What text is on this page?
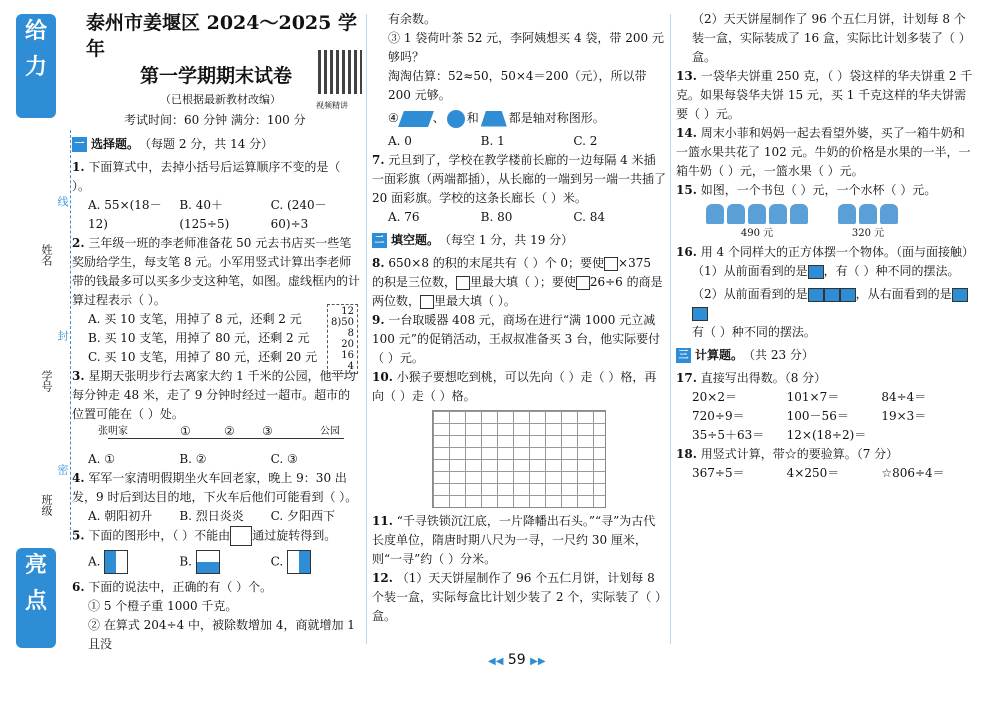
给力
亮点
线
姓名
封
学号
密
班级
泰州市姜堰区 2024～2025 学年
第一学期期末试卷
（已根据最新教材改编）
考试时间：60 分钟 满分：100 分
一 选择题。 （每题 2 分，共 14 分）
1. 下面算式中，去掉小括号后运算顺序不变的是（ ）。
A. 55×(18－12)
B. 40＋(125÷5)
C. (240－60)÷3
2. 三年级一班的李老师准备花 50 元去书店买一些笔奖励给学生，每支笔 8 元。小军用竖式计算出李老师带的钱最多可以买多少支这种笔，如图。虚线框内的计算过程表示（ ）。
A. 买 10 支笔，用掉了 8 元，还剩 2 元
B. 买 10 支笔，用掉了 80 元，还剩 2 元
C. 买 10 支笔，用掉了 80 元，还剩 20 元
12
8)50
8
20
16
4
3. 星期天张明步行去离家大约 1 千米的公园，他平均每分钟走 48 米，走了 9 分钟时经过一超市。超市的位置可能在（ ）处。
张明家	①	② ③	公园
A. ①	B. ②	C. ③
4. 军军一家清明假期坐火车回老家，晚上 9：30 出发，9 时后到达目的地，下火车后他们可能看到（ ）。
A. 朝阳初升	B. 烈日炎炎	C. 夕阳西下
5. 下面的图形中，（ ）不能由 通过旋转得到。
A.	B.	C.
6. 下面的说法中，正确的有（ ）个。
① 5 个橙子重 1000 千克。
② 在算式 204÷4 中，被除数增加 4，商就增加 1 且没
视频精讲
有余数。
③ 1 袋荷叶茶 52 元，李阿姨想买 4 袋，带 200 元够吗？
淘淘估算：52≈50，50×4＝200（元），所以带 200 元够。
④	、 和	都是轴对称图形。
A. 0	B. 1	C. 2
7. 元旦到了，学校在教学楼前长廊的一边每隔 4 米插一面彩旗（两端都插），从长廊的一端到另一端一共插了 20 面彩旗。学校的这条长廊长（ ）米。
A. 76	B. 80	C. 84
二 填空题。 （每空 1 分，共 19 分）
8. 650×8 的积的末尾共有（ ）个 0；要使 ×375 的积是三位数， 里最大填（ ）；要使 26÷6 的商是两位数， 里最大填（ ）。
9. 一台取暖器 408 元，商场在进行“满 1000 元立减 100 元”的促销活动，王叔叔准备买 3 台，他实际要付（ ）元。
10. 小猴子要想吃到桃，可以先向（ ）走（ ）格，再向（ ）走（ ）格。
11. “千寻铁锁沉江底，一片降幡出石头。”“寻”为古代长度单位，隋唐时期八尺为一寻，一尺约 30 厘米，则“一寻”约（ ）分米。
12. （1）天天饼屋制作了 96 个五仁月饼，计划每 8 个装一盒，实际每盒比计划少装了 2 个，实际装了（ ）盒。
（2）天天饼屋制作了 96 个五仁月饼，计划每 8 个装一盒，实际装成了 16 盒，实际比计划多装了（ ）盒。
13. 一袋华夫饼重 250 克，（ ）袋这样的华夫饼重 2 千克。如果每袋华夫饼 15 元，买 1 千克这样的华夫饼需要（ ）元。
14. 周末小菲和妈妈一起去看望外婆，买了一箱牛奶和一篮水果共花了 102 元。牛奶的价格是水果的一半，一箱牛奶（ ）元，一篮水果（ ）元。
15. 如图，一个书包（ ）元，一个水杯（ ）元。
490 元	320 元
16. 用 4 个同样大的正方体摆一个物体。（面与面接触）
（1）从前面看到的是 ，有（ ）种不同的摆法。
（2）从前面看到的是	，从右面看到的是
有（ ）种不同的摆法。
三 计算题。 （共 23 分）
17. 直接写出得数。（8 分）
20×2＝	101×7＝	84÷4＝
720÷9＝	100－56＝	19×3＝
35÷5＋63＝	12×(18÷2)＝
18. 用竖式计算，带☆的要验算。（7 分）
367÷5＝	4×250＝	☆806÷4＝
◀◀ 59 ▶▶
